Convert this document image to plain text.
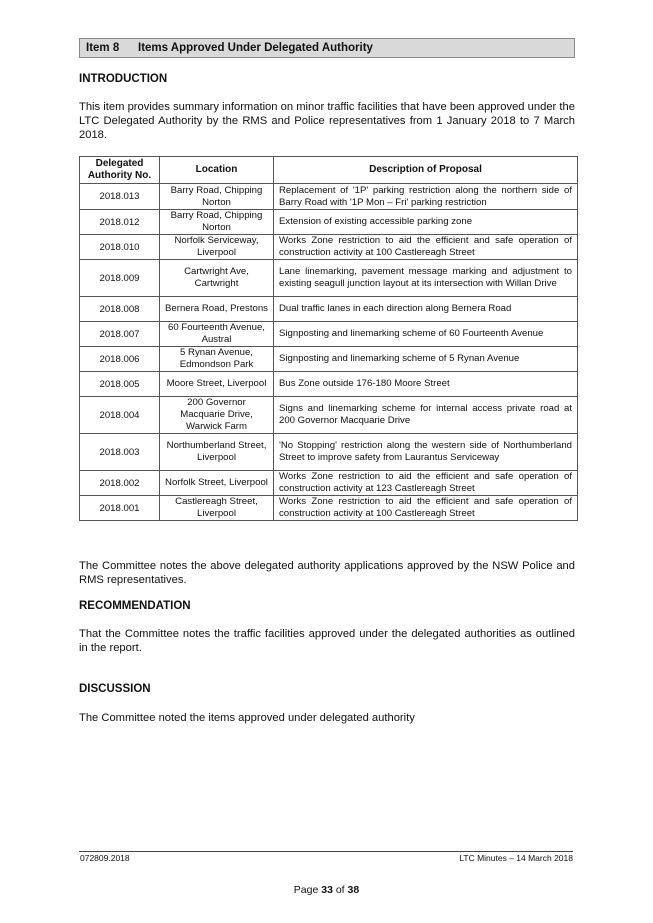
Item 8 Items Approved Under Delegated Authority
INTRODUCTION
This item provides summary information on minor traffic facilities that have been approved under the LTC Delegated Authority by the RMS and Police representatives from 1 January 2018 to 7 March 2018.
Delegated Authority No.	Location	Description of Proposal
2018.013	Barry Road, Chipping Norton	Replacement of '1P' parking restriction along the northern side of Barry Road with '1P Mon – Fri' parking restriction
2018.012	Barry Road, Chipping Norton	Extension of existing accessible parking zone
2018.010	Norfolk Serviceway, Liverpool	Works Zone restriction to aid the efficient and safe operation of construction activity at 100 Castlereagh Street
2018.009	Cartwright Ave, Cartwright	Lane linemarking, pavement message marking and adjustment to existing seagull junction layout at its intersection with Willan Drive
2018.008	Bernera Road, Prestons	Dual traffic lanes in each direction along Bernera Road
2018.007	60 Fourteenth Avenue, Austral	Signposting and linemarking scheme of 60 Fourteenth Avenue
2018.006	5 Rynan Avenue, Edmondson Park	Signposting and linemarking scheme of 5 Rynan Avenue
2018.005	Moore Street, Liverpool	Bus Zone outside 176-180 Moore Street
2018.004	200 Governor Macquarie Drive, Warwick Farm	Signs and linemarking scheme for internal access private road at 200 Governor Macquarie Drive
2018.003	Northumberland Street, Liverpool	'No Stopping' restriction along the western side of Northumberland Street to improve safety from Laurantus Serviceway
2018.002	Norfolk Street, Liverpool	Works Zone restriction to aid the efficient and safe operation of construction activity at 123 Castlereagh Street
2018.001	Castlereagh Street, Liverpool	Works Zone restriction to aid the efficient and safe operation of construction activity at 100 Castlereagh Street
The Committee notes the above delegated authority applications approved by the NSW Police and RMS representatives.
RECOMMENDATION
That the Committee notes the traffic facilities approved under the delegated authorities as outlined in the report.
DISCUSSION
The Committee noted the items approved under delegated authority
072809.2018	LTC Minutes – 14 March 2018
Page 33 of 38
